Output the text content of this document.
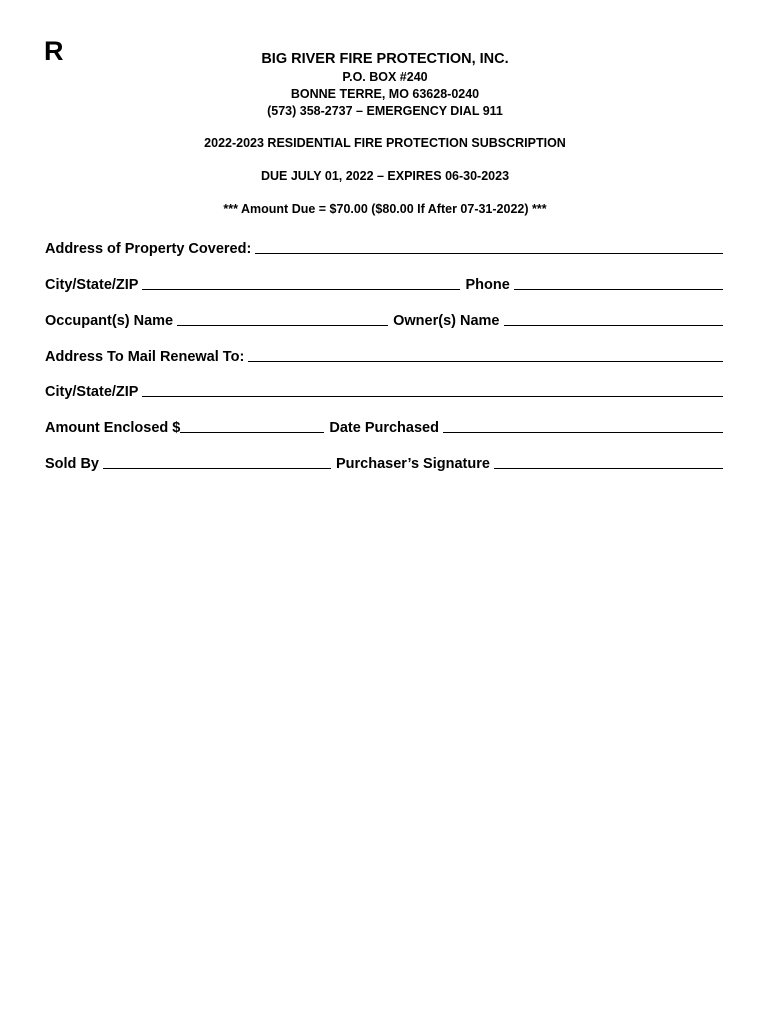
R	BIG RIVER FIRE PROTECTION, INC.
P.O. BOX #240
BONNE TERRE, MO 63628-0240
(573) 358-2737 – EMERGENCY DIAL 911
2022-2023 RESIDENTIAL FIRE PROTECTION SUBSCRIPTION
DUE JULY 01, 2022 – EXPIRES 06-30-2023
*** Amount Due = $70.00 ($80.00 If After 07-31-2022) ***
Address of Property Covered:
City/State/ZIP	Phone
Occupant(s) Name	Owner(s) Name
Address To Mail Renewal To:
City/State/ZIP
Amount Enclosed $	Date Purchased
Sold By	Purchaser’s Signature
